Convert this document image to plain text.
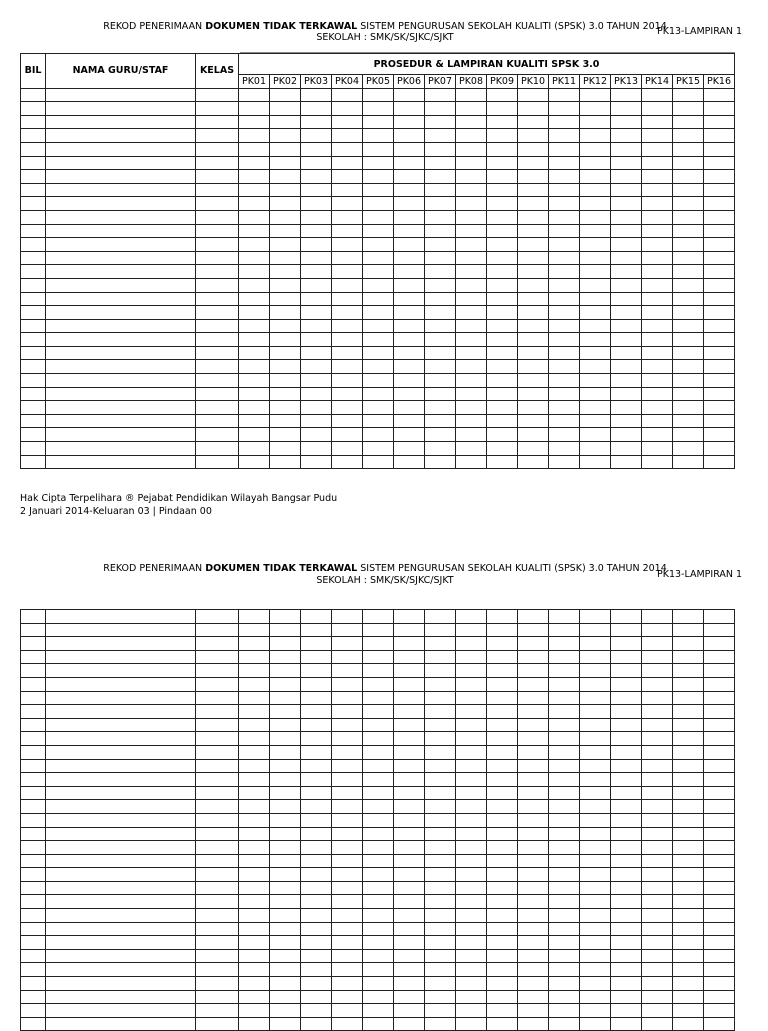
REKOD PENERIMAAN DOKUMEN TIDAK TERKAWAL SISTEM PENGURUSAN SEKOLAH KUALITI (SPSK) 3.0 TAHUN 2014
SEKOLAH : SMK/SK/SJKC/SJKT
PK13-LAMPIRAN 1
BIL	NAMA GURU/STAF	KELAS	PROSEDUR & LAMPIRAN KUALITI SPSK 3.0															
			PK01	PK02	PK03	PK04	PK05	PK06	PK07	PK08	PK09	PK10	PK11	PK12	PK13	PK14	PK15	PK16

Hak Cipta Terpelihara ® Pejabat Pendidikan Wilayah Bangsar Pudu
2 Januari 2014-Keluaran 03 | Pindaan 00
REKOD PENERIMAAN DOKUMEN TIDAK TERKAWAL SISTEM PENGURUSAN SEKOLAH KUALITI (SPSK) 3.0 TAHUN 2014
SEKOLAH : SMK/SK/SJKC/SJKT
PK13-LAMPIRAN 1
